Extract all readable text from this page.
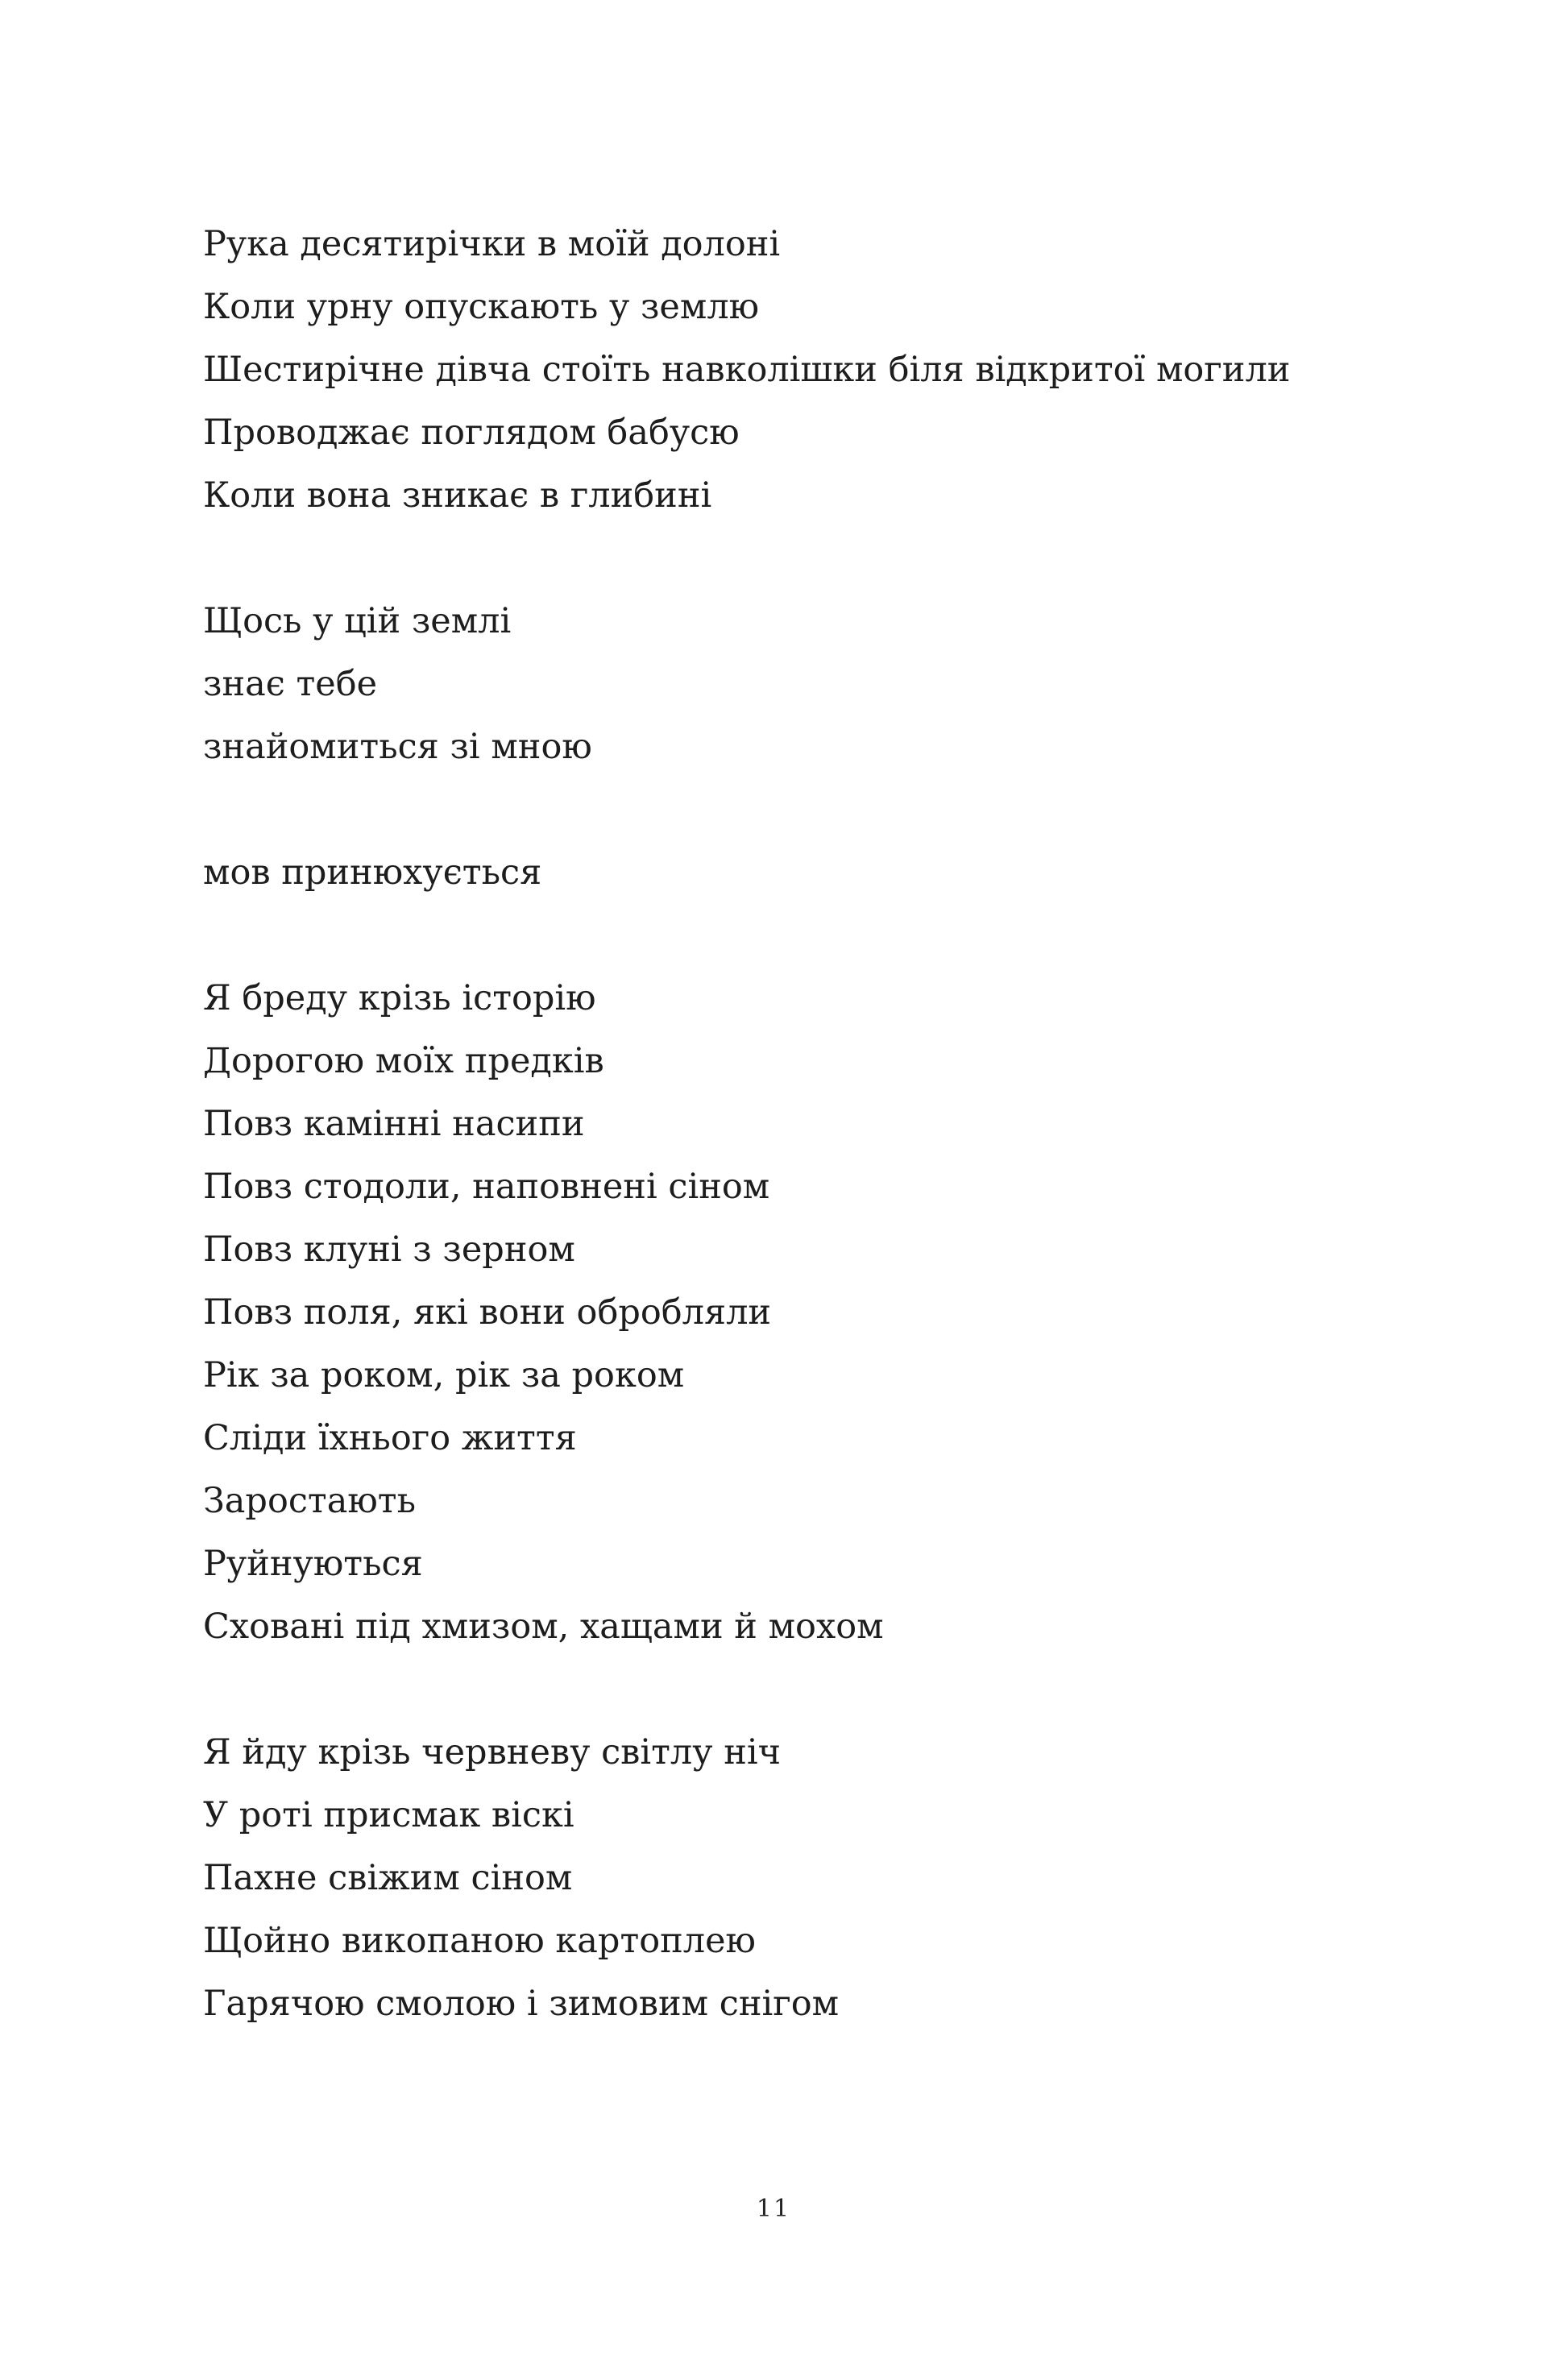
Рука десятирічки в моїй долоні
Коли урну опускають у землю
Шестирічне дівча стоїть навколішки біля відкритої могили
Проводжає поглядом бабусю
Коли вона зникає в глибині
Щось у цій землі
знає тебе
знайомиться зі мною
мов принюхується
Я бреду крізь історію
Дорогою моїх предків
Повз камінні насипи
Повз стодоли, наповнені сіном
Повз клуні з зерном
Повз поля, які вони обробляли
Рік за роком, рік за роком
Сліди їхнього життя
Заростають
Руйнуються
Сховані під хмизом, хащами й мохом
Я йду крізь червневу світлу ніч
У роті присмак віскі
Пахне свіжим сіном
Щойно викопаною картоплею
Гарячою смолою і зимовим снігом
11
